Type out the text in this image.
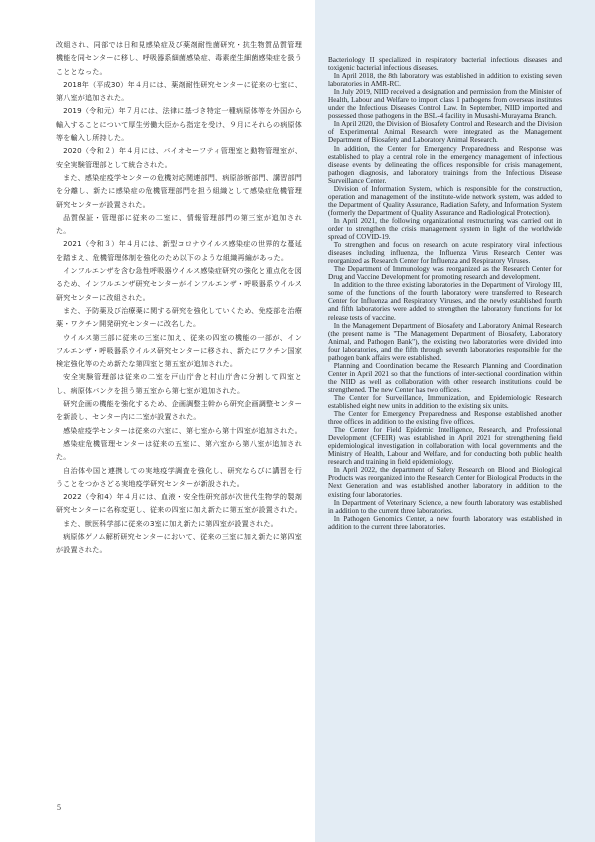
改組され、同部では日和見感染症及び薬剤耐性菌研究・抗生物質品質管理機能を同センターに移し、呼吸器系細菌感染症、毒素産生細菌感染症を扱うこととなった。

2018年（平成30）年４月には、薬剤耐性研究センターに従来の七室に、第八室が追加された。

2019（令和元）年７月には、法律に基づき特定一種病原体等を外国から輸入することについて厚生労働大臣から指定を受け、９月にそれらの病原体等を輸入し所持した。

2020（令和２）年４月には、バイオセーフティ管理室と動物管理室が、安全実験管理部として統合された。

また、感染症疫学センターの危機対応関連部門、病原診断部門、講習部門を分離し、新たに感染症の危機管理部門を担う組織として感染症危機管理研究センターが設置された。

品質保証・管理部に従来の二室に、情報管理部門の第三室が追加された。

2021（令和３）年４月には、新型コロナウイルス感染症の世界的な蔓延を踏まえ、危機管理体制を強化のため以下のような組織再編があった。

インフルエンザを含む急性呼吸器ウイルス感染症研究の強化と重点化を図るため、インフルエンザ研究センターがインフルエンザ・呼吸器系ウイルス研究センターに改組された。

また、予防薬及び治療薬に関する研究を強化していくため、免疫部を治療薬・ワクチン開発研究センターに改名した。

ウイルス第三部に従来の三室に加え、従来の四室の機能の一部が、インフルエンザ・呼吸器系ウイルス研究センターに移され、新たにワクチン国家検定強化等のため新たな第四室と第五室が追加された。

安全実験管理部は従来の二室を戸山庁舎と村山庁舎に分割して四室とし、病原体バンクを担う第五室から第七室が追加された。

研究企画の機能を強化するため、企画調整主幹から研究企画調整センターを新設し、センター内に二室が設置された。

感染症疫学センターは従来の六室に、第七室から第十四室が追加された。

感染症危機管理センターは従来の五室に、第六室から第八室が追加された。

自治体や国と連携しての実地疫学調査を強化し、研究ならびに講習を行うことをつかさどる実地疫学研究センターが新設された。

2022（令和4）年４月には、血液・安全性研究部が次世代生物学的製剤研究センターに名称変更し、従来の四室に加え新たに第五室が設置された。

また、獣医科学部に従来の3室に加え新たに第四室が設置された。

病原体ゲノム解析研究センターにおいて、従来の三室に加え新たに第四室が設置された。

Bacteriology II specialized in respiratory bacterial infectious diseases and toxigenic bacterial infectious diseases.

In April 2018, the 8th laboratory was established in addition to existing seven laboratories in AMR-RC.

In July 2019, NIID received a designation and permission from the Minister of Health, Labour and Welfare to import class 1 pathogens from overseas institutes under the Infectious Diseases Control Law. In September, NIID imported and possessed those pathogens in the BSL-4 facility in Musashi-Murayama Branch.

In April 2020, the Division of Biosafety Control and Research and the Division of Experimental Animal Research were integrated as the Management Department of Biosafety and Laboratory Animal Research.

In addition, the Center for Emergency Preparedness and Response was established to play a central role in the emergency management of infectious disease events by delineating the offices responsible for crisis management, pathogen diagnosis, and laboratory trainings from the Infectious Disease Surveillance Center.

Division of Information System, which is responsible for the construction, operation and management of the institute-wide network system, was added to the Department of Quality Assurance, Radiation Safety, and Information System (formerly the Department of Quality Assurance and Radiological Protection).

In April 2021, the following organizational restructuring was carried out in order to strengthen the crisis management system in light of the worldwide spread of COVID-19.

To strengthen and focus on research on acute respiratory viral infectious diseases including influenza, the Influenza Virus Research Center was reorganized as Research Center for Influenza and Respiratory Viruses.

The Department of Immunology was reorganized as the Research Center for Drug and Vaccine Development for promoting research and development.

In addition to the three existing laboratories in the Department of Virology III, some of the functions of the fourth laboratory were transferred to Research Center for Influenza and Respiratory Viruses, and the newly established fourth and fifth laboratories were added to strengthen the laboratory functions for lot release tests of vaccine.

In the Management Department of Biosafety and Laboratory Animal Research (the present name is "The Management Department of Biosafety, Laboratory Animal, and Pathogen Bank"), the existing two laboratories were divided into four laboratories, and the fifth through seventh laboratories responsible for the pathogen bank affairs were established.

Planning and Coordination became the Research Planning and Coordination Center in April 2021 so that the functions of inter-sectional coordination within the NIID as well as collaboration with other research institutions could be strengthened. The new Center has two offices.

The Center for Surveillance, Immunization, and Epidemiologic Research established eight new units in addition to the existing six units.

The Center for Emergency Preparedness and Response established another three offices in addition to the existing five offices.

The Center for Field Epidemic Intelligence, Research, and Professional Development (CFEIR) was established in April 2021 for strengthening field epidemiological investigation in collaboration with local governments and the Ministry of Health, Labour and Welfare, and for conducting both public health research and training in field epidemiology.

In April 2022, the department of Safety Research on Blood and Biological Products was reorganized into the Research Center for Biological Products in the Next Generation and was established another laboratory in addition to the existing four laboratories.

In Department of Veterinary Science, a new fourth laboratory was established in addition to the current three laboratories.

In Pathogen Genomics Center, a new fourth laboratory was established in addition to the current three laboratories.

5
